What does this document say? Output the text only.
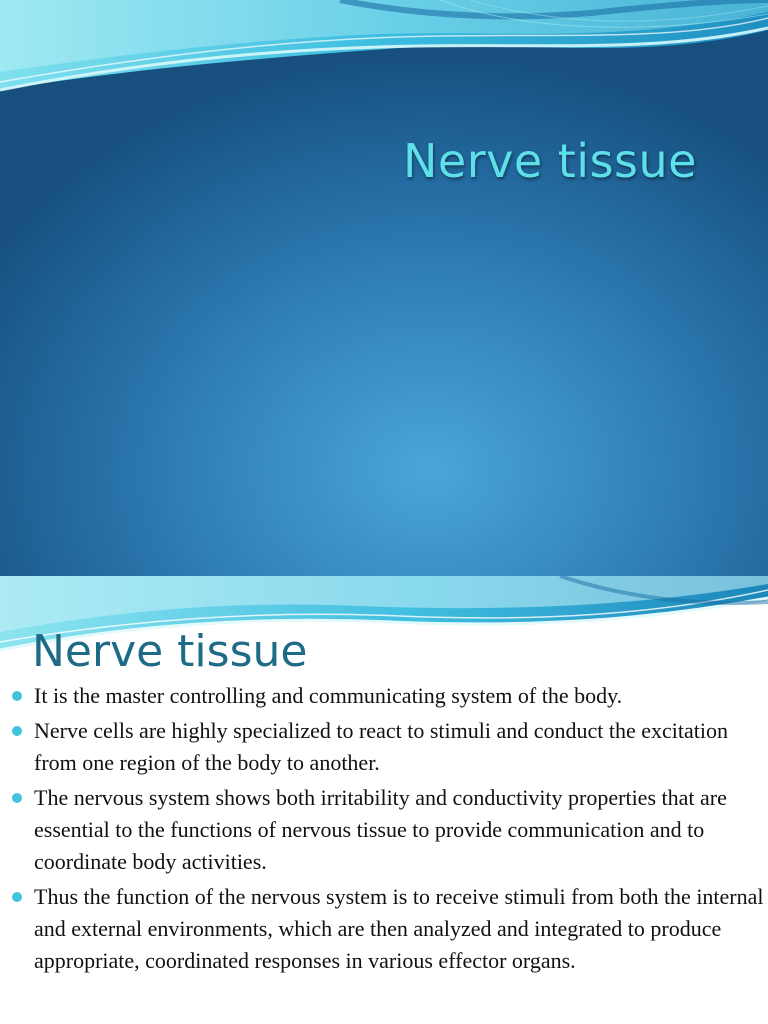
Nerve tissue
Nerve tissue
It is the master controlling and communicating system of the body.
Nerve cells are highly specialized to react to stimuli and conduct the excitation from one region of the body to another.
The nervous system shows both irritability and conductivity properties that are essential to the functions of nervous tissue to provide communication and to coordinate body activities.
Thus the function of the nervous system is to receive stimuli from both the internal and external environments, which are then analyzed and integrated to produce appropriate, coordinated responses in various effector organs.
